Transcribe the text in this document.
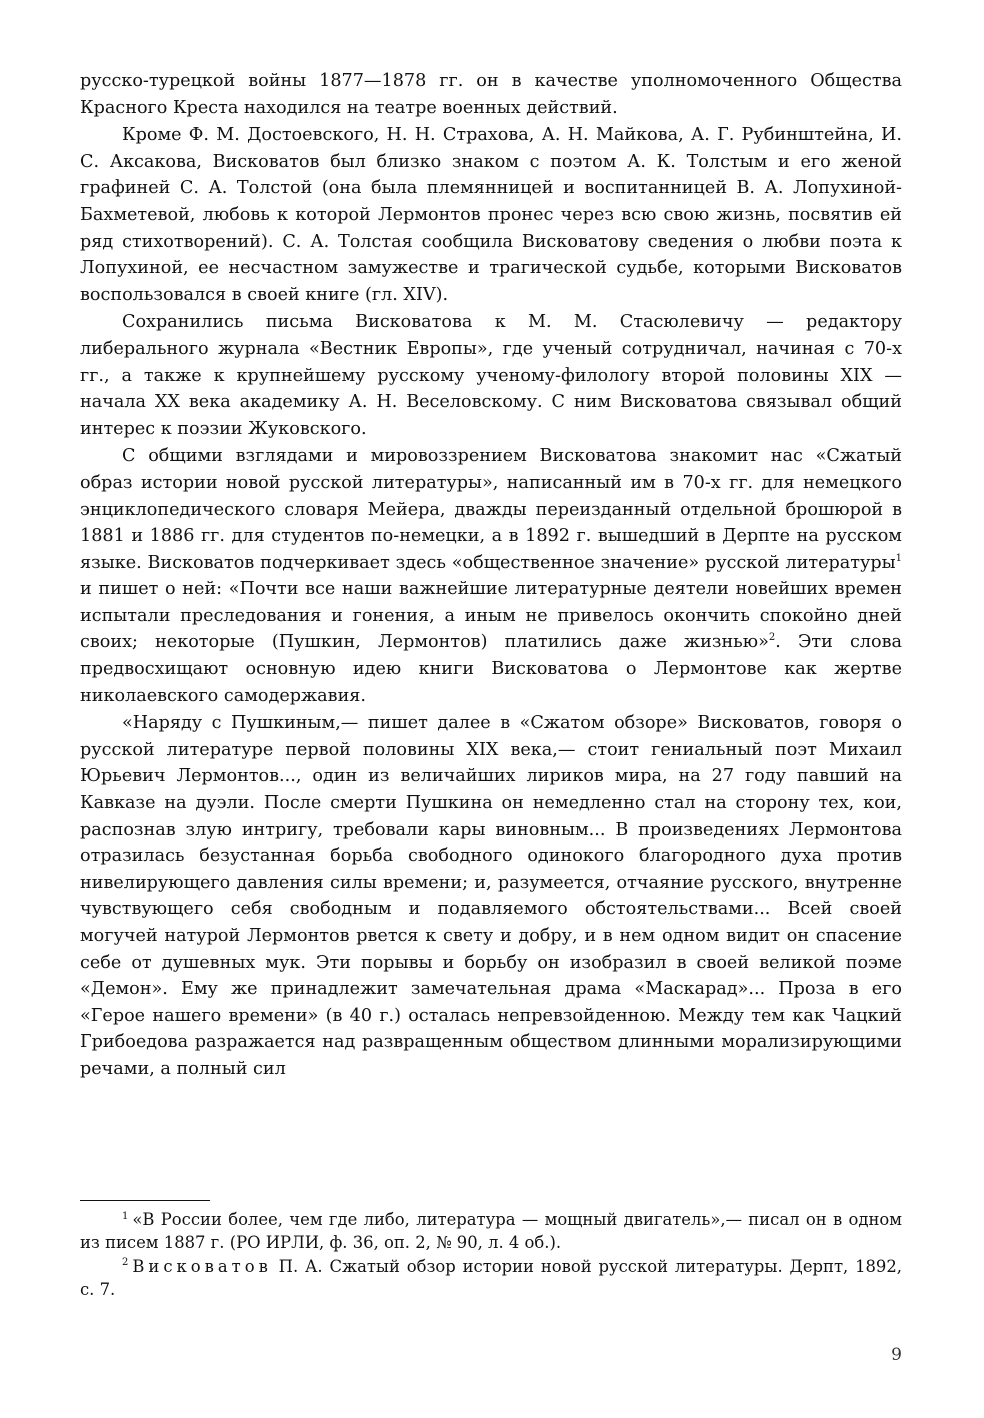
русско-турецкой войны 1877—1878 гг. он в качестве уполномоченного Общества Красного Креста находился на театре военных действий.

Кроме Ф. М. Достоевского, Н. Н. Страхова, А. Н. Майкова, А. Г. Рубинштейна, И. С. Аксакова, Висковатов был близко знаком с поэтом А. К. Толстым и его женой графиней С. А. Толстой (она была племянницей и воспитанницей В. А. Лопухиной-Бахметевой, любовь к которой Лермонтов пронес через всю свою жизнь, посвятив ей ряд стихотворений). С. А. Толстая сообщила Висковатову сведения о любви поэта к Лопухиной, ее несчастном замужестве и трагической судьбе, которыми Висковатов воспользовался в своей книге (гл. XIV).

Сохранились письма Висковатова к М. М. Стасюлевичу — редактору либерального журнала «Вестник Европы», где ученый сотрудничал, начиная с 70-х гг., а также к крупнейшему русскому ученому-филологу второй половины XIX — начала XX века академику А. Н. Веселовскому. С ним Висковатова связывал общий интерес к поэзии Жуковского.

С общими взглядами и мировоззрением Висковатова знакомит нас «Сжатый образ истории новой русской литературы», написанный им в 70-х гг. для немецкого энциклопедического словаря Мейера, дважды переизданный отдельной брошюрой в 1881 и 1886 гг. для студентов по-немецки, а в 1892 г. вышедший в Дерпте на русском языке. Висковатов подчеркивает здесь «общественное значение» русской литературы$^1$ и пишет о ней: «Почти все наши важнейшие литературные деятели новейших времен испытали преследования и гонения, а иным не привелось окончить спокойно дней своих; некоторые (Пушкин, Лермонтов) платились даже жизнью»$^2$. Эти слова предвосхищают основную идею книги Висковатова о Лермонтове как жертве николаевского самодержавия.

«Наряду с Пушкиным,— пишет далее в «Сжатом обзоре» Висковатов, говоря о русской литературе первой половины XIX века,— стоит гениальный поэт Михаил Юрьевич Лермонтов..., один из величайших лириков мира, на 27 году павший на Кавказе на дуэли. После смерти Пушкина он немедленно стал на сторону тех, кои, распознав злую интригу, требовали кары виновным... В произведениях Лермонтова отразилась безустанная борьба свободного одинокого благородного духа против нивелирующего давления силы времени; и, разумеется, отчаяние русского, внутренне чувствующего себя свободным и подавляемого обстоятельствами... Всей своей могучей натурой Лермонтов рвется к свету и добру, и в нем одном видит он спасение себе от душевных мук. Эти порывы и борьбу он изобразил в своей великой поэме «Демон». Ему же принадлежит замечательная драма «Маскарад»... Проза в его «Герое нашего времени» (в 40 г.) осталась непревзойденною. Между тем как Чацкий Грибоедова разражается над развращенным обществом длинными морализирующими речами, а полный сил

$^1$ «В России более, чем где либо, литература — мощный двигатель»,— писал он в одном из писем 1887 г. (РО ИРЛИ, ф. 36, оп. 2, № 90, л. 4 об.).

$^2$ Висковатов П. А. Сжатый обзор истории новой русской литературы. Дерпт, 1892, с. 7.

9
